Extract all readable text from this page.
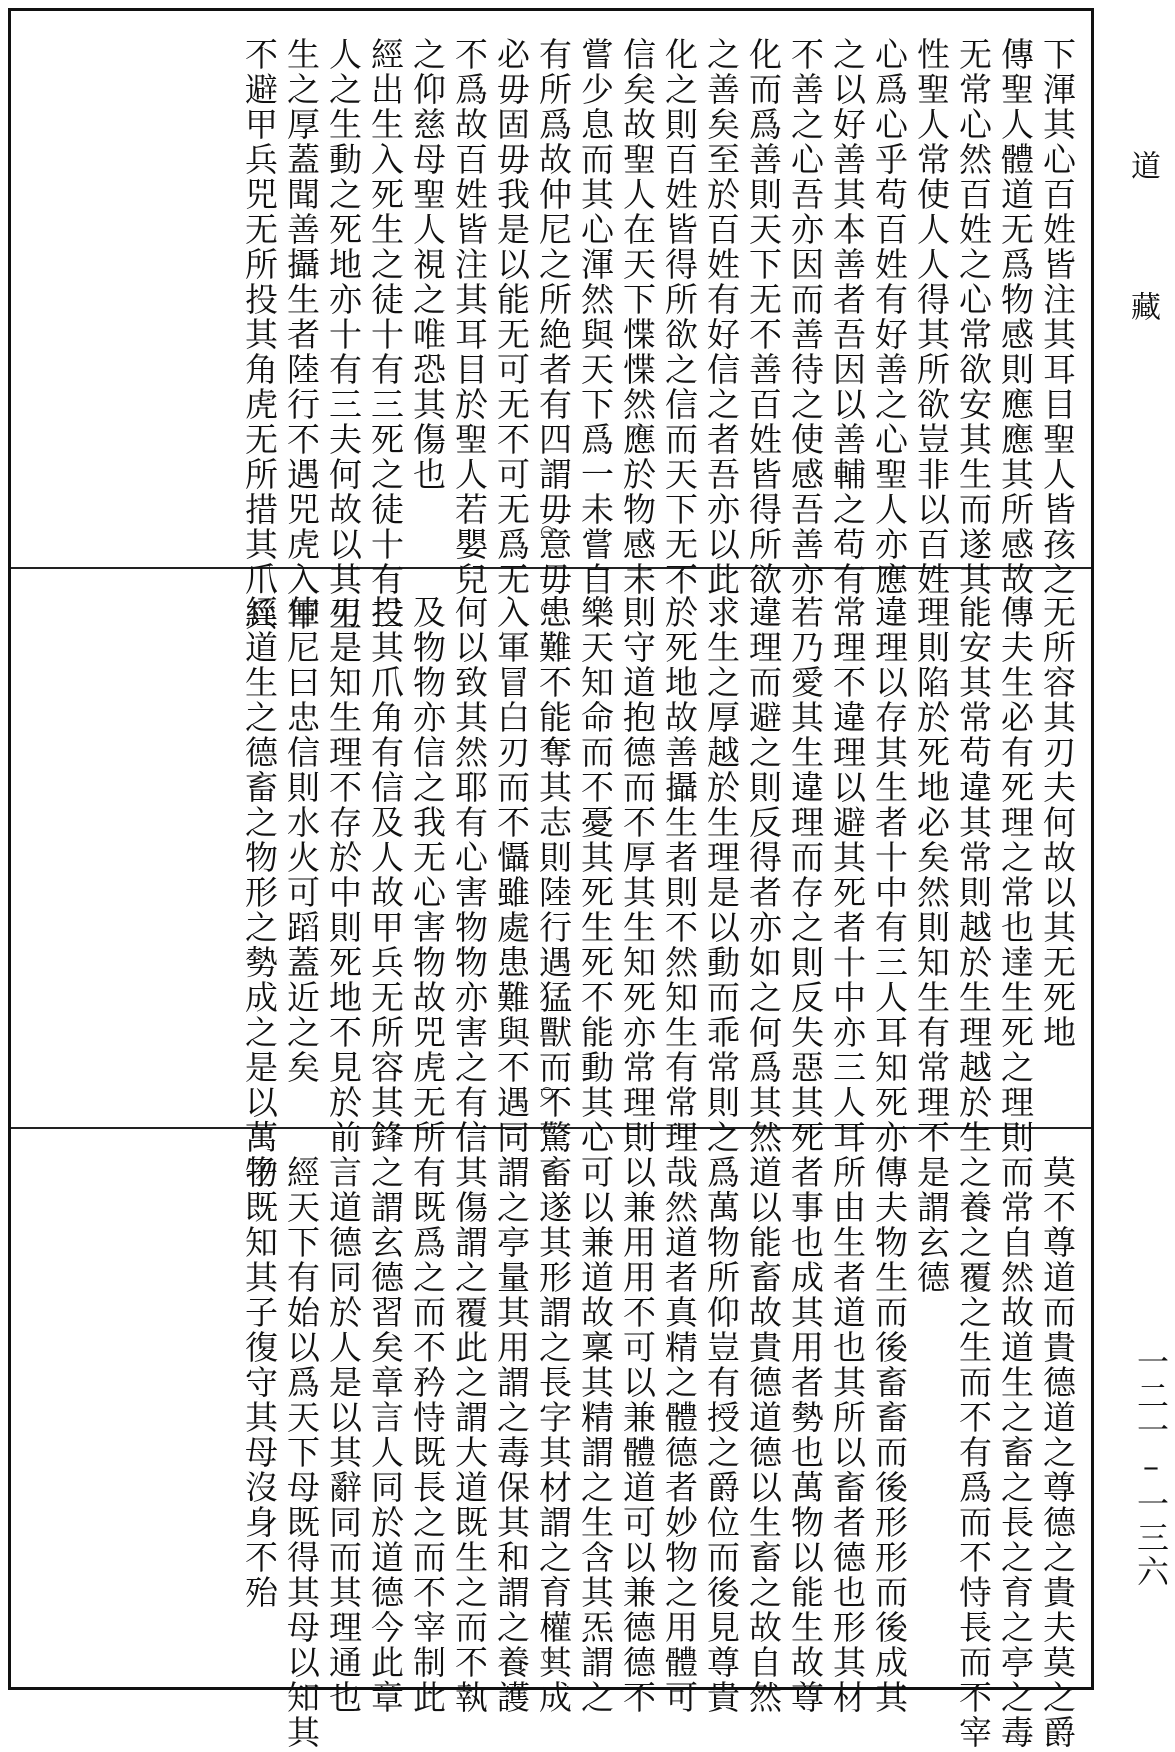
下渾其心百姓皆注其耳目聖人皆孩之
傳聖人體道无爲物感則應應其所感故
无常心然百姓之心常欲安其生而遂其
性聖人常使人人得其所欲豈非以百姓
心爲心乎苟百姓有好善之心聖人亦應
之以好善其本善者吾因以善輔之苟有
不善之心吾亦因而善待之使感吾善亦
化而爲善則天下无不善百姓皆得所欲
之善矣至於百姓有好信之者吾亦以此
化之則百姓皆得所欲之信而天下无不
信矣故聖人在天下惵惵然應於物感未
嘗少息而其心渾然與天下爲一未嘗自
有所爲故仲尼之所絶者有四謂毋意毋
必毋固毋我是以能无可无不可无爲无
不爲故百姓皆注其耳目於聖人若嬰兒
之仰慈母聖人視之唯恐其傷也
經出生入死生之徒十有三死之徒十有三
人之生動之死地亦十有三夫何故以其生
生之厚蓋聞善攝生者陸行不遇兕虎入軍
不避甲兵兕无所投其角虎无所措其爪兵
无所容其刃夫何故以其无死地
傳夫生必有死理之常也達生死之理則
能安其常苟違其常則越於生理越於生
理則陷於死地必矣然則知生有常理不
違理以存其生者十中有三人耳知死亦
常理不違理以避其死者十中亦三人耳
若乃愛其生違理而存之則反失惡其死
違理而避之則反得者亦如之何爲其然
求生之厚越於生理是以動而乖常則之
於死地故善攝生者則不然知生有常理
則守道抱德而不厚其生知死亦常理則
樂天知命而不憂其死生死不能動其心
患難不能奪其志則陸行遇猛獸而不驚
入軍冒白刃而不懾雖處患難與不遇同
何以致其然耶有心害物物亦害之有信
及物物亦信之我无心害物故兕虎无所
投其爪角有信及人故甲兵无所容其鋒
刃是知生理不存於中則死地不見於前
仲尼曰忠信則水火可蹈蓋近之矣
經道生之德畜之物形之勢成之是以萬物
莫不尊道而貴德道之尊德之貴夫莫之爵
而常自然故道生之畜之長之育之亭之毒
之養之覆之生而不有爲而不恃長而不宰
是謂玄德
傳夫物生而後畜畜而後形形而後成其
所由生者道也其所以畜者德也形其材
者事也成其用者勢也萬物以能生故尊
道以能畜故貴德道德以生畜之故自然
爲萬物所仰豈有授之爵位而後見尊貴
哉然道者真精之體德者妙物之用體可
以兼用用不可以兼體道可以兼德德不
可以兼道故稟其精謂之生含其炁謂之
畜遂其形謂之長字其材謂之育權其成
謂之亭量其用謂之毒保其和謂之養護
其傷謂之覆此之謂大道既生之而不執
有既爲之而不矜恃既長之而不宰制此
之謂玄德習矣章言人同於道德今此章
言道德同於人是以其辭同而其理通也
經天下有始以爲天下母既得其母以知其
子既知其子復守其母沒身不殆
道 藏
一二一–一三六
